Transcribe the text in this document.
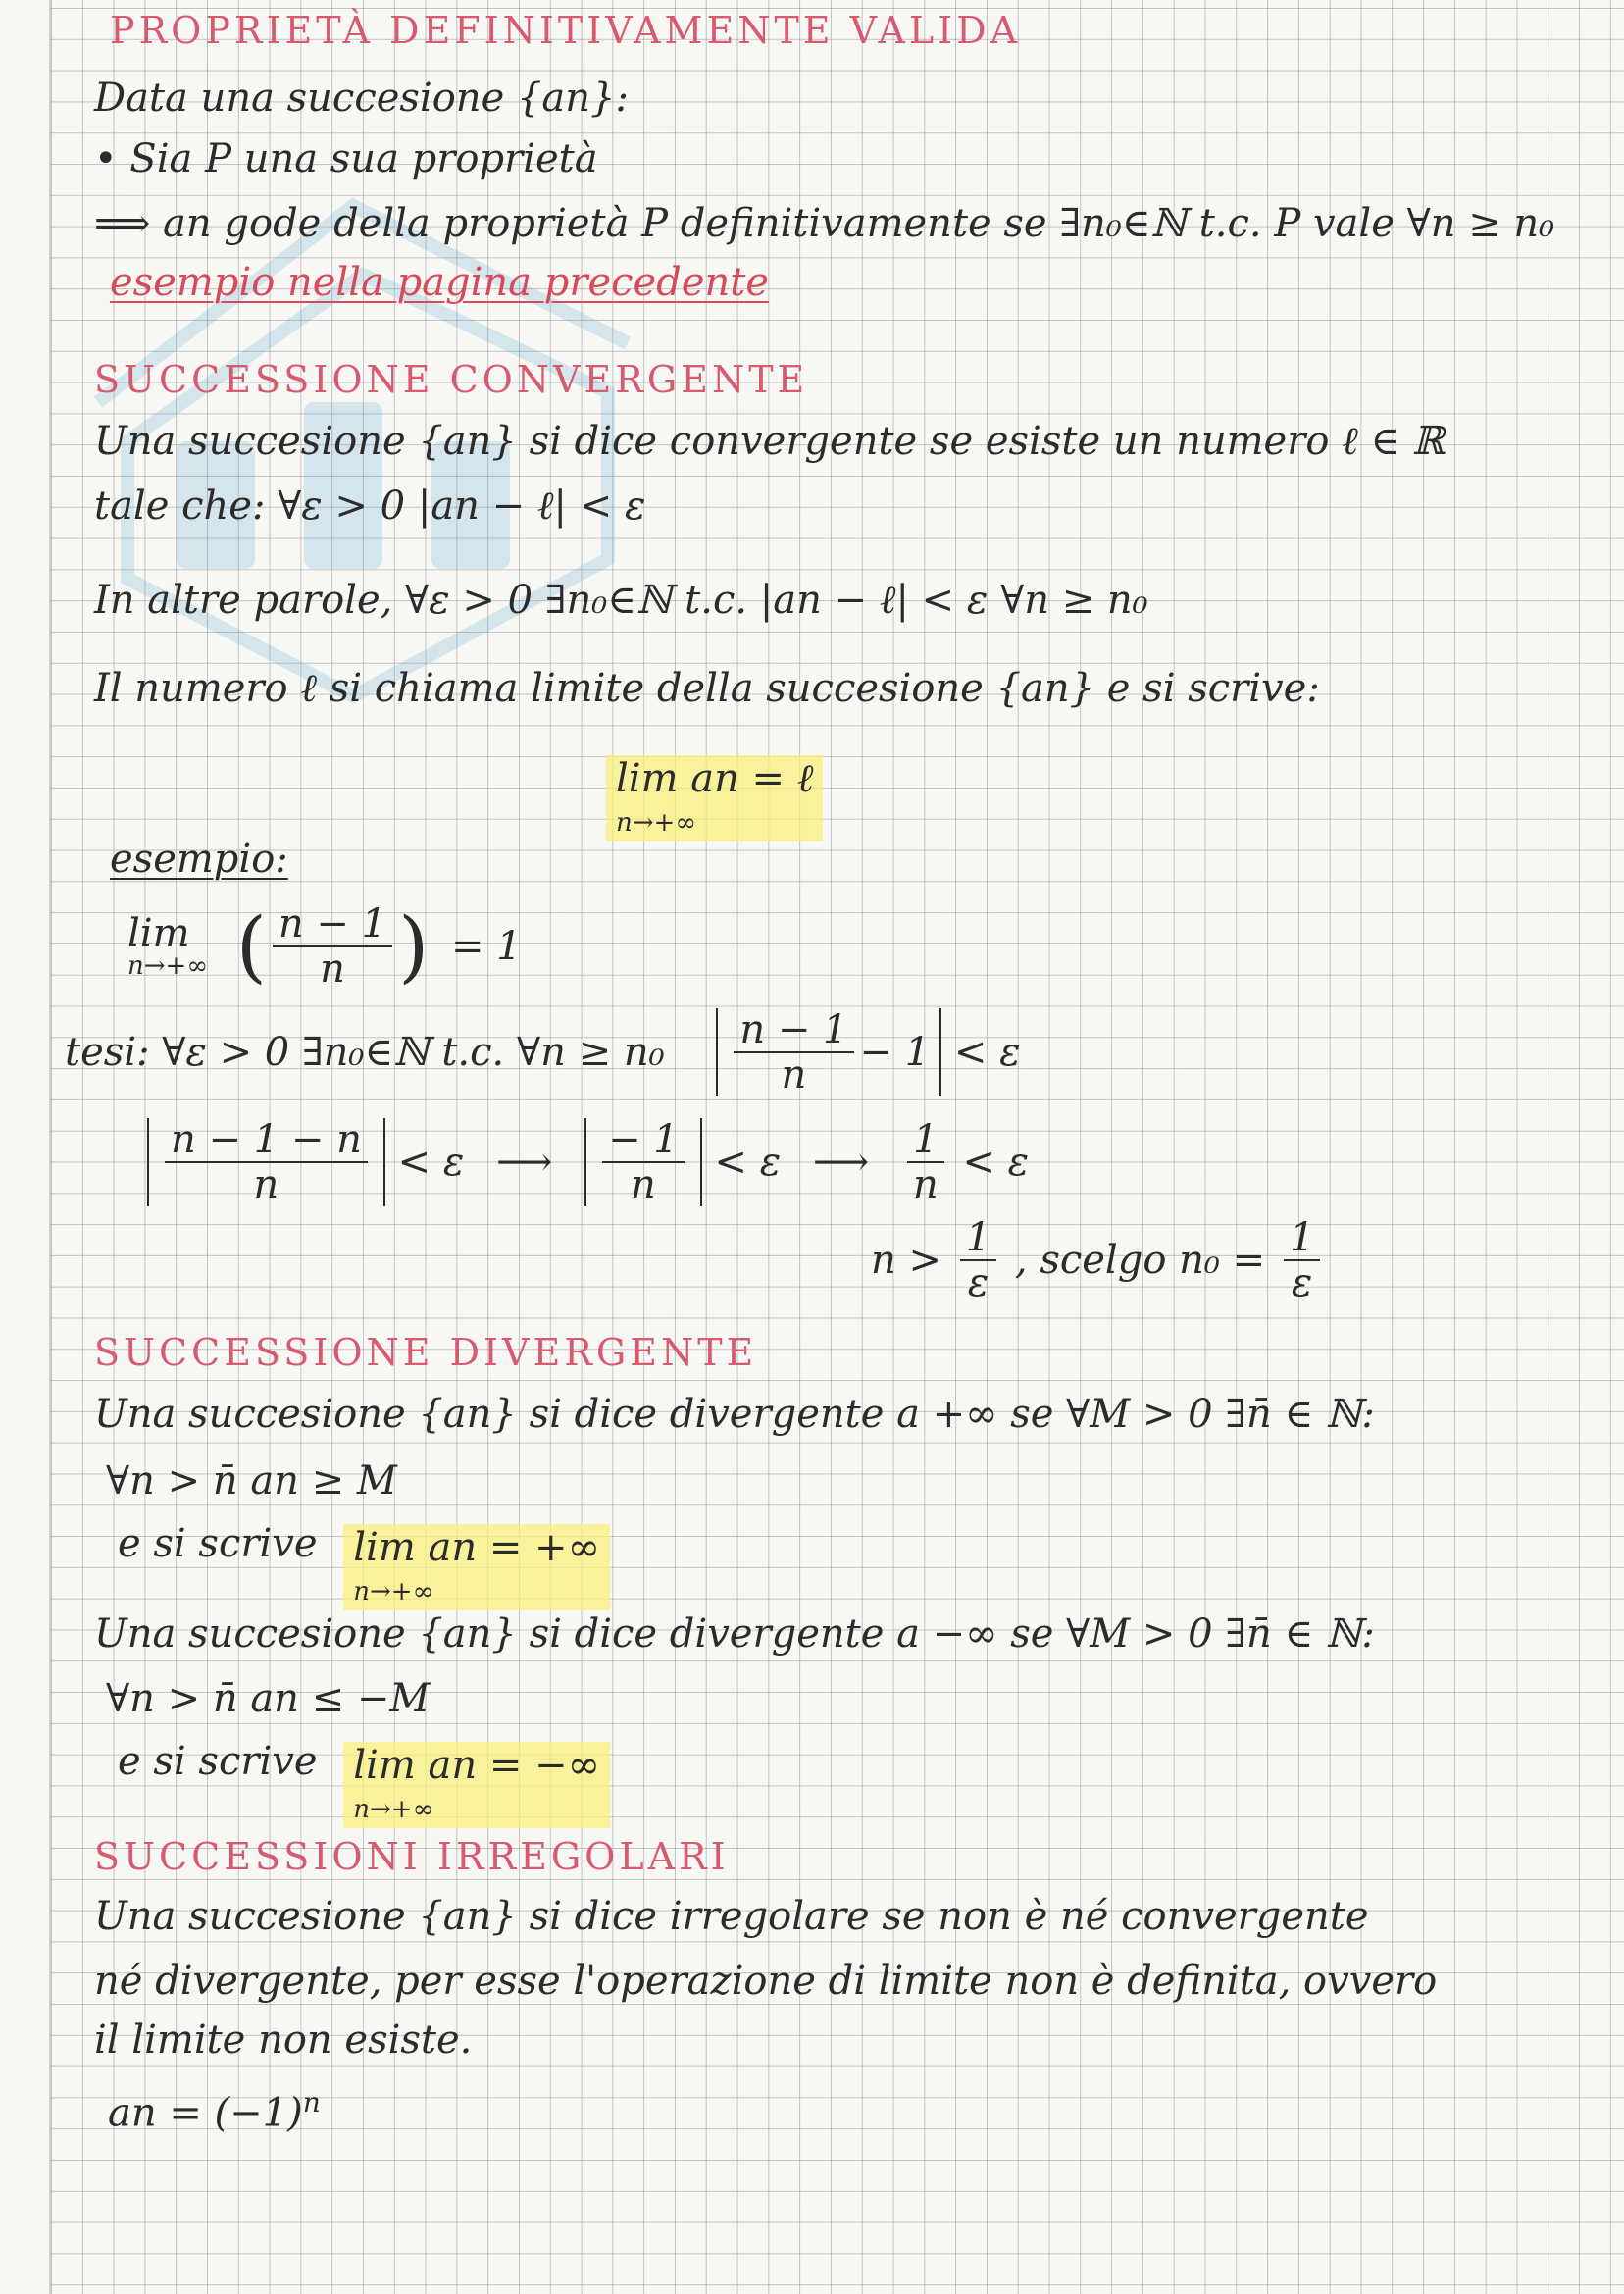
PROPRIETÀ DEFINITIVAMENTE VALIDA
Data una succesione {an}:
• Sia P una sua proprietà
⟹ an gode della proprietà P definitivamente se ∃n₀∈ℕ t.c. P vale ∀n ≥ n₀
esempio nella pagina precedente
SUCCESSIONE CONVERGENTE
Una succesione {an} si dice convergente se esiste un numero ℓ ∈ ℝ
tale che: ∀ε > 0 |an − ℓ| < ε
In altre parole, ∀ε > 0 ∃n₀∈ℕ t.c. |an − ℓ| < ε ∀n ≥ n₀
Il numero ℓ si chiama limite della succesione {an} e si scrive:
lim an = ℓ
n→+∞
esempio:
lim
n→+∞ ( $\frac{n - 1}{n}$ ) = 1
tesi: ∀ε > 0 ∃n₀∈ℕ t.c. ∀n ≥ $n_0 \frac{n - 1}{n} - 1 < \varepsilon$
$\frac{n - 1 - n}{n} < \varepsilon$ ⟶ $\frac{- 1}{n} < \varepsilon$ ⟶ $\frac{1}{n} < \varepsilon$
$n > \frac{1}{\varepsilon}$ , scelgo $n_0 = \frac{1}{\varepsilon}$
SUCCESSIONE DIVERGENTE
Una succesione {an} si dice divergente a +∞ se ∀M > 0 ∃n̄ ∈ ℕ:
∀n > n̄ an ≥ M
e si scrive lim an = +∞
n→+∞
Una succesione {an} si dice divergente a −∞ se ∀M > 0 ∃n̄ ∈ ℕ:
∀n > n̄ an ≤ −M
e si scrive lim an = −∞
n→+∞
SUCCESSIONI IRREGOLARI
Una succesione {an} si dice irregolare se non è né convergente
né divergente, per esse l'operazione di limite non è definita, ovvero
il limite non esiste.
an = $(-1)^n$
